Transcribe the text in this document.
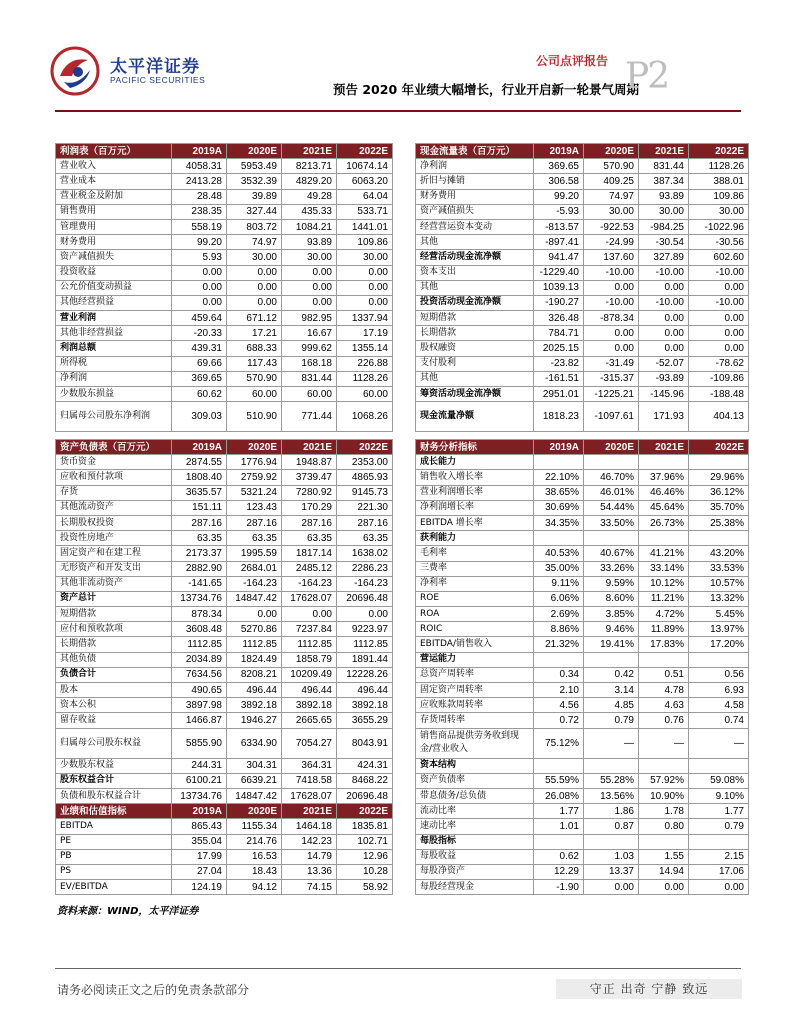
太平洋证券
PACIFIC SECURITIES
公司点评报告
预告 2020 年业绩大幅增长，行业开启新一轮景气周期
P2
利润表（百万元）	2019A	2020E	2021E	2022E
营业收入	4058.31	5953.49	8213.71	10674.14
营业成本	2413.28	3532.39	4829.20	6063.20
营业税金及附加	28.48	39.89	49.28	64.04
销售费用	238.35	327.44	435.33	533.71
管理费用	558.19	803.72	1084.21	1441.01
财务费用	99.20	74.97	93.89	109.86
资产减值损失	5.93	30.00	30.00	30.00
投资收益	0.00	0.00	0.00	0.00
公允价值变动损益	0.00	0.00	0.00	0.00
其他经营损益	0.00	0.00	0.00	0.00
营业利润	459.64	671.12	982.95	1337.94
其他非经营损益	-20.33	17.21	16.67	17.19
利润总额	439.31	688.33	999.62	1355.14
所得税	69.66	117.43	168.18	226.88
净利润	369.65	570.90	831.44	1128.26
少数股东损益	60.62	60.00	60.00	60.00
归属母公司股东净利润	309.03	510.90	771.44	1068.26
现金流量表（百万元）	2019A	2020E	2021E	2022E
净利润	369.65	570.90	831.44	1128.26
折旧与摊销	306.58	409.25	387.34	388.01
财务费用	99.20	74.97	93.89	109.86
资产减值损失	-5.93	30.00	30.00	30.00
经营营运资本变动	-813.57	-922.53	-984.25	-1022.96
其他	-897.41	-24.99	-30.54	-30.56
经营活动现金流净额	941.47	137.60	327.89	602.60
资本支出	-1229.40	-10.00	-10.00	-10.00
其他	1039.13	0.00	0.00	0.00
投资活动现金流净额	-190.27	-10.00	-10.00	-10.00
短期借款	326.48	-878.34	0.00	0.00
长期借款	784.71	0.00	0.00	0.00
股权融资	2025.15	0.00	0.00	0.00
支付股利	-23.82	-31.49	-52.07	-78.62
其他	-161.51	-315.37	-93.89	-109.86
筹资活动现金流净额	2951.01	-1225.21	-145.96	-188.48
现金流量净额	1818.23	-1097.61	171.93	404.13
资产负债表（百万元）	2019A	2020E	2021E	2022E
货币资金	2874.55	1776.94	1948.87	2353.00
应收和预付款项	1808.40	2759.92	3739.47	4865.93
存货	3635.57	5321.24	7280.92	9145.73
其他流动资产	151.11	123.43	170.29	221.30
长期股权投资	287.16	287.16	287.16	287.16
投资性房地产	63.35	63.35	63.35	63.35
固定资产和在建工程	2173.37	1995.59	1817.14	1638.02
无形资产和开发支出	2882.90	2684.01	2485.12	2286.23
其他非流动资产	-141.65	-164.23	-164.23	-164.23
资产总计	13734.76	14847.42	17628.07	20696.48
短期借款	878.34	0.00	0.00	0.00
应付和预收款项	3608.48	5270.86	7237.84	9223.97
长期借款	1112.85	1112.85	1112.85	1112.85
其他负债	2034.89	1824.49	1858.79	1891.44
负债合计	7634.56	8208.21	10209.49	12228.26
股本	490.65	496.44	496.44	496.44
资本公积	3897.98	3892.18	3892.18	3892.18
留存收益	1466.87	1946.27	2665.65	3655.29
归属母公司股东权益	5855.90	6334.90	7054.27	8043.91
少数股东权益	244.31	304.31	364.31	424.31
股东权益合计	6100.21	6639.21	7418.58	8468.22
负债和股东权益合计	13734.76	14847.42	17628.07	20696.48
业绩和估值指标	2019A	2020E	2021E	2022E
EBITDA	865.43	1155.34	1464.18	1835.81
PE	355.04	214.76	142.23	102.71
PB	17.99	16.53	14.79	12.96
PS	27.04	18.43	13.36	10.28
EV/EBITDA	124.19	94.12	74.15	58.92
财务分析指标	2019A	2020E	2021E	2022E
成长能力				
销售收入增长率	22.10%	46.70%	37.96%	29.96%
营业利润增长率	38.65%	46.01%	46.46%	36.12%
净利润增长率	30.69%	54.44%	45.64%	35.70%
EBITDA 增长率	34.35%	33.50%	26.73%	25.38%
获利能力				
毛利率	40.53%	40.67%	41.21%	43.20%
三费率	35.00%	33.26%	33.14%	33.53%
净利率	9.11%	9.59%	10.12%	10.57%
ROE	6.06%	8.60%	11.21%	13.32%
ROA	2.69%	3.85%	4.72%	5.45%
ROIC	8.86%	9.46%	11.89%	13.97%
EBITDA/销售收入	21.32%	19.41%	17.83%	17.20%
营运能力				
总资产周转率	0.34	0.42	0.51	0.56
固定资产周转率	2.10	3.14	4.78	6.93
应收账款周转率	4.56	4.85	4.63	4.58
存货周转率	0.72	0.79	0.76	0.74
销售商品提供劳务收到现金/营业收入	75.12%	—	—	—
资本结构				
资产负债率	55.59%	55.28%	57.92%	59.08%
带息债务/总负债	26.08%	13.56%	10.90%	9.10%
流动比率	1.77	1.86	1.78	1.77
速动比率	1.01	0.87	0.80	0.79
每股指标				
每股收益	0.62	1.03	1.55	2.15
每股净资产	12.29	13.37	14.94	17.06
每股经营现金	-1.90	0.00	0.00	0.00
资料来源：WIND，太平洋证券
请务必阅读正文之后的免责条款部分	守正 出奇 宁静 致远
